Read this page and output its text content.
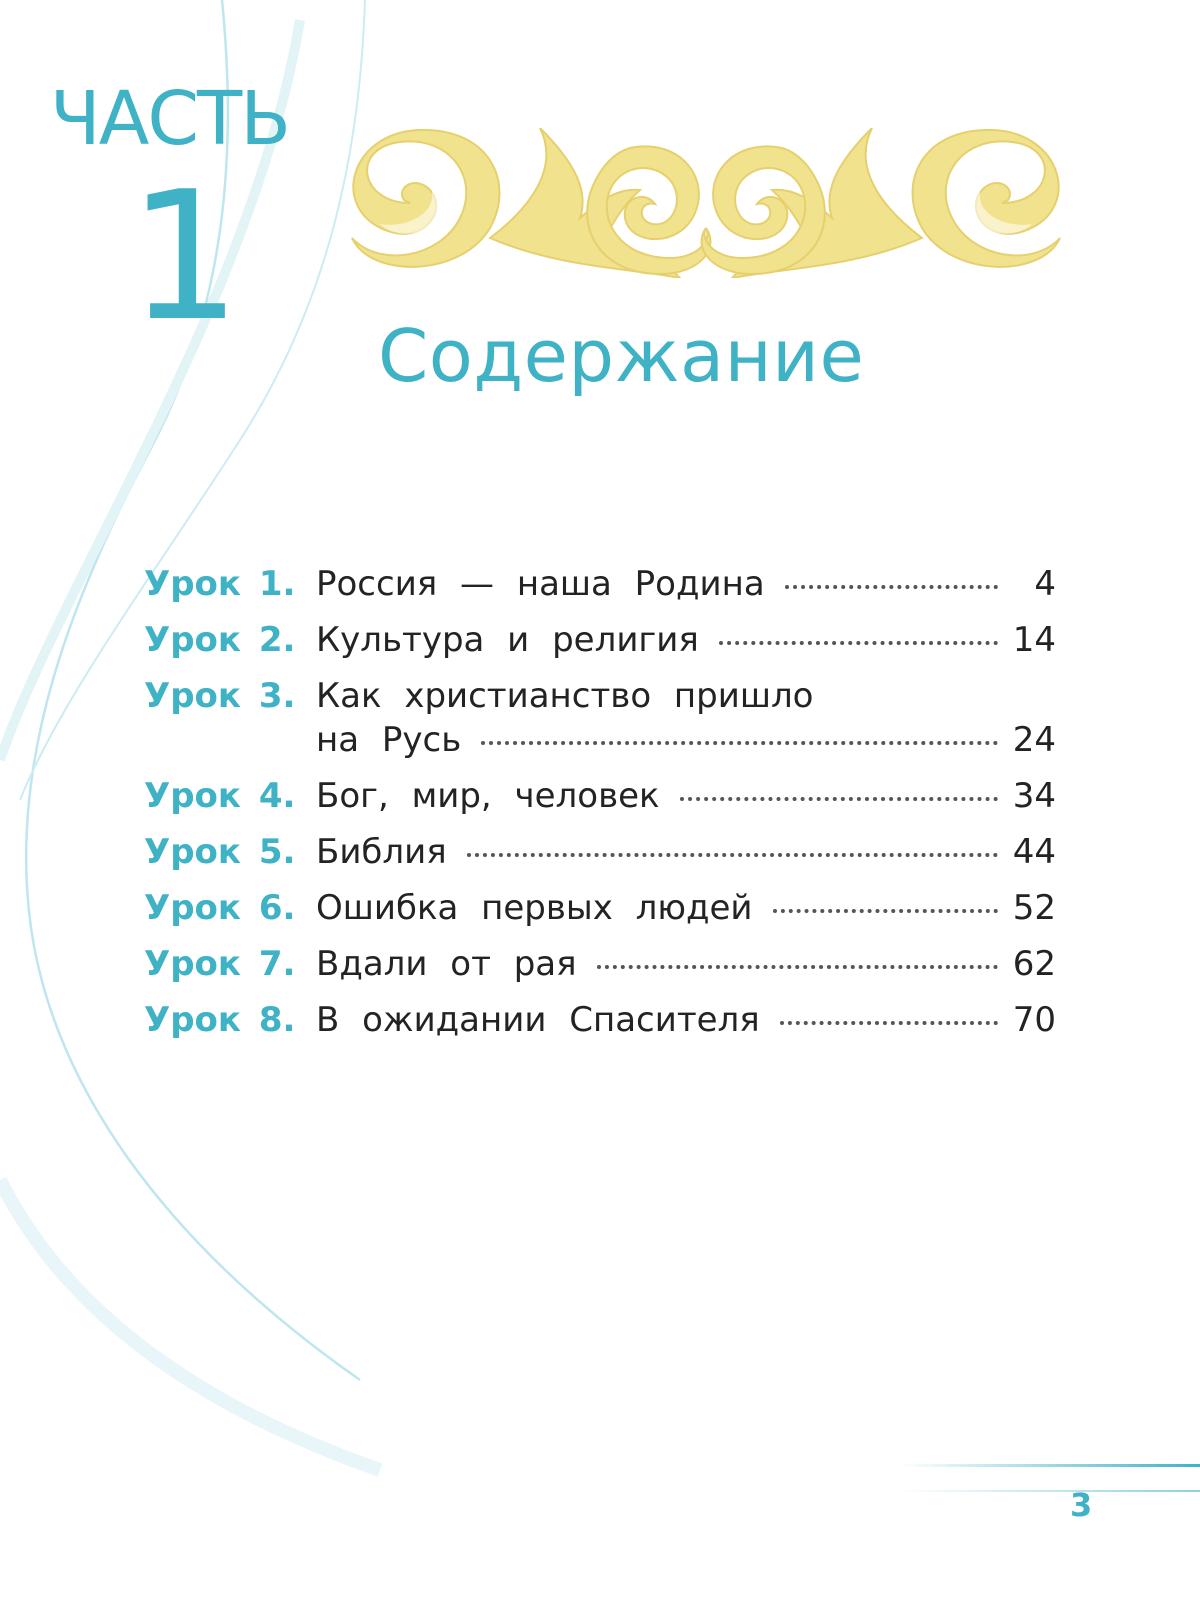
ЧАСТЬ
1 Содержание
Урок 1. Россия — наша Родина	4
Урок 2. Культура и религия	14
Урок 3. Как христианство пришло
на Русь	24
Урок 4. Бог, мир, человек	34
Урок 5. Библия	44
Урок 6. Ошибка первых людей	52
Урок 7. Вдали от рая	62
Урок 8. В ожидании Спасителя	70
3
